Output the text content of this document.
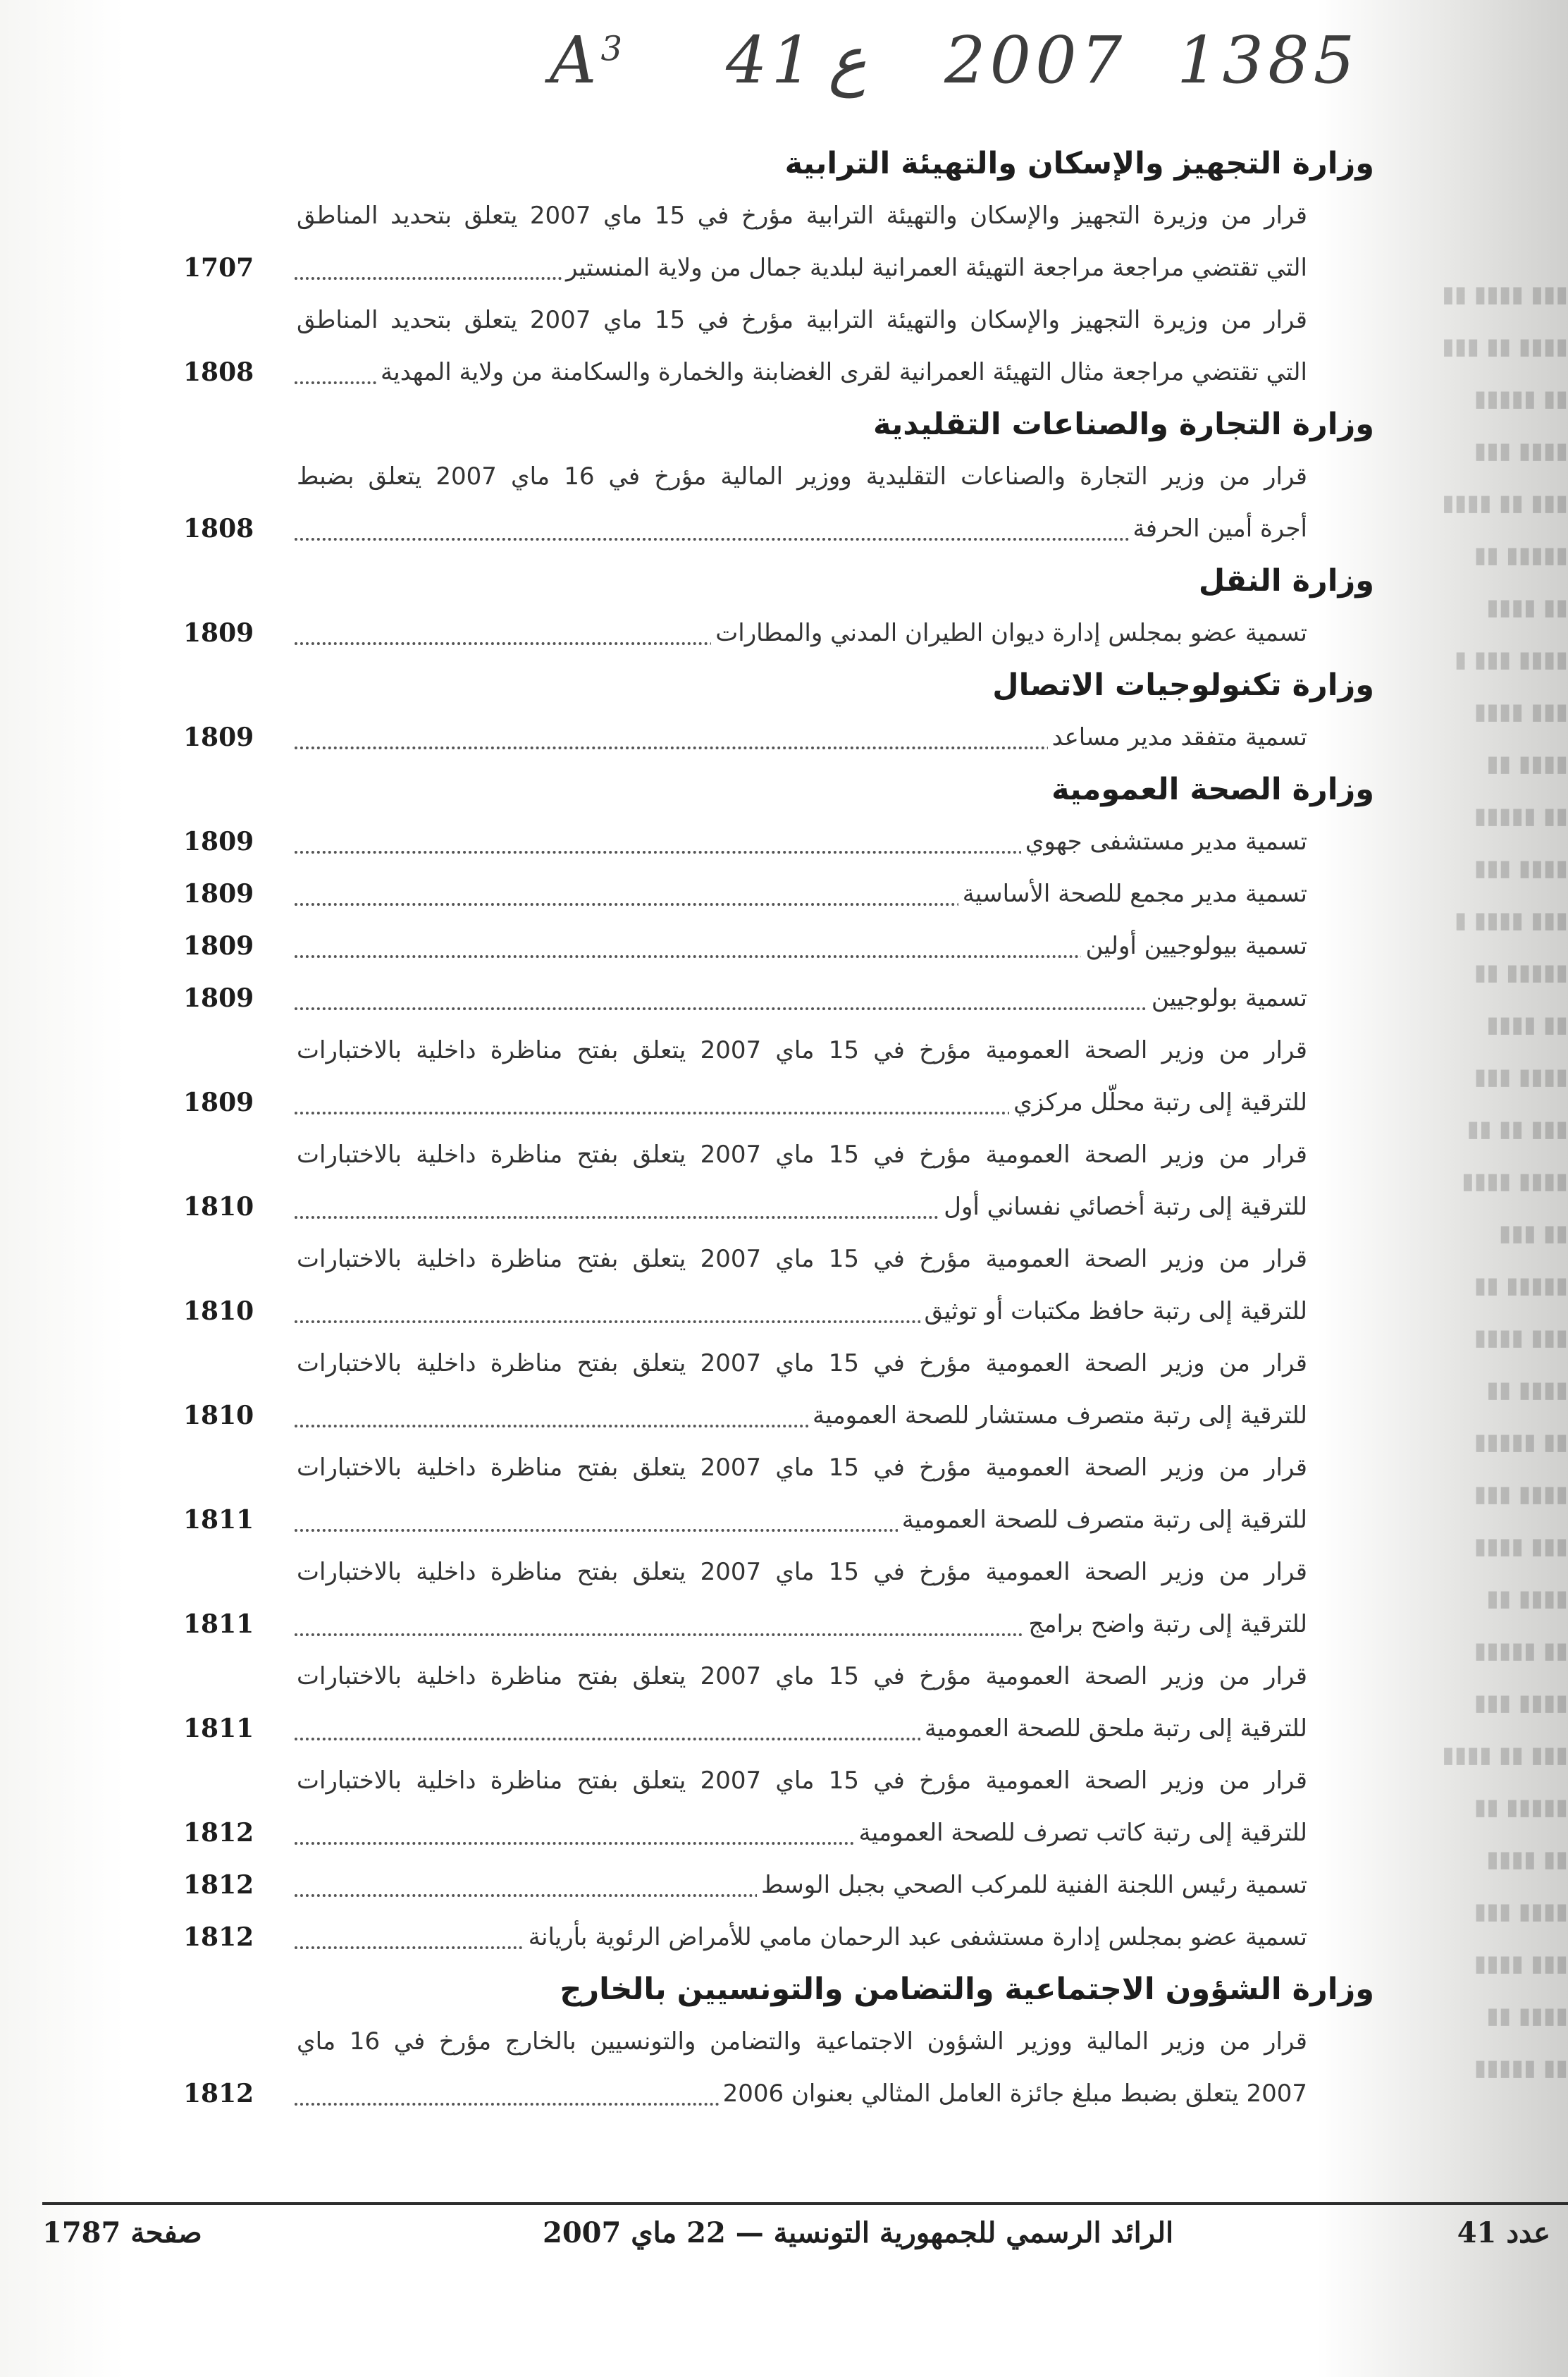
$A^3$ 41 ع 2007 1385
وزارة التجهيز والإسكان والتهيئة الترابية
قرار من وزيرة التجهيز والإسكان والتهيئة الترابية مؤرخ في 15 ماي 2007 يتعلق بتحديد المناطق
التي تقتضي مراجعة مراجعة التهيئة العمرانية لبلدية جمال من ولاية المنستير
1707
قرار من وزيرة التجهيز والإسكان والتهيئة الترابية مؤرخ في 15 ماي 2007 يتعلق بتحديد المناطق
التي تقتضي مراجعة مثال التهيئة العمرانية لقرى الغضابنة والخمارة والسكامنة من ولاية المهدية
1808
وزارة التجارة والصناعات التقليدية
قرار من وزير التجارة والصناعات التقليدية ووزير المالية مؤرخ في 16 ماي 2007 يتعلق بضبط
أجرة أمين الحرفة
1808
وزارة النقل
تسمية عضو بمجلس إدارة ديوان الطيران المدني والمطارات
1809
وزارة تكنولوجيات الاتصال
تسمية متفقد مدير مساعد
1809
وزارة الصحة العمومية
تسمية مدير مستشفى جهوي
1809
تسمية مدير مجمع للصحة الأساسية
1809
تسمية بيولوجيين أولين
1809
تسمية بولوجيين
1809
قرار من وزير الصحة العمومية مؤرخ في 15 ماي 2007 يتعلق بفتح مناظرة داخلية بالاختبارات
للترقية إلى رتبة محلّل مركزي
1809
قرار من وزير الصحة العمومية مؤرخ في 15 ماي 2007 يتعلق بفتح مناظرة داخلية بالاختبارات
للترقية إلى رتبة أخصائي نفساني أول
1810
قرار من وزير الصحة العمومية مؤرخ في 15 ماي 2007 يتعلق بفتح مناظرة داخلية بالاختبارات
للترقية إلى رتبة حافظ مكتبات أو توثيق
1810
قرار من وزير الصحة العمومية مؤرخ في 15 ماي 2007 يتعلق بفتح مناظرة داخلية بالاختبارات
للترقية إلى رتبة متصرف مستشار للصحة العمومية
1810
قرار من وزير الصحة العمومية مؤرخ في 15 ماي 2007 يتعلق بفتح مناظرة داخلية بالاختبارات
للترقية إلى رتبة متصرف للصحة العمومية
1811
قرار من وزير الصحة العمومية مؤرخ في 15 ماي 2007 يتعلق بفتح مناظرة داخلية بالاختبارات
للترقية إلى رتبة واضح برامج
1811
قرار من وزير الصحة العمومية مؤرخ في 15 ماي 2007 يتعلق بفتح مناظرة داخلية بالاختبارات
للترقية إلى رتبة ملحق للصحة العمومية
1811
قرار من وزير الصحة العمومية مؤرخ في 15 ماي 2007 يتعلق بفتح مناظرة داخلية بالاختبارات
للترقية إلى رتبة كاتب تصرف للصحة العمومية
1812
تسمية رئيس اللجنة الفنية للمركب الصحي بجبل الوسط
1812
تسمية عضو بمجلس إدارة مستشفى عبد الرحمان مامي للأمراض الرئوية بأريانة
1812
وزارة الشؤون الاجتماعية والتضامن والتونسيين بالخارج
قرار من وزير المالية ووزير الشؤون الاجتماعية والتضامن والتونسيين بالخارج مؤرخ في 16 ماي
2007 يتعلق بضبط مبلغ جائزة العامل المثالي بعنوان 2006
1812
صفحة 1787	الرائد الرسمي للجمهورية التونسية — 22 ماي 2007	عدد 41
